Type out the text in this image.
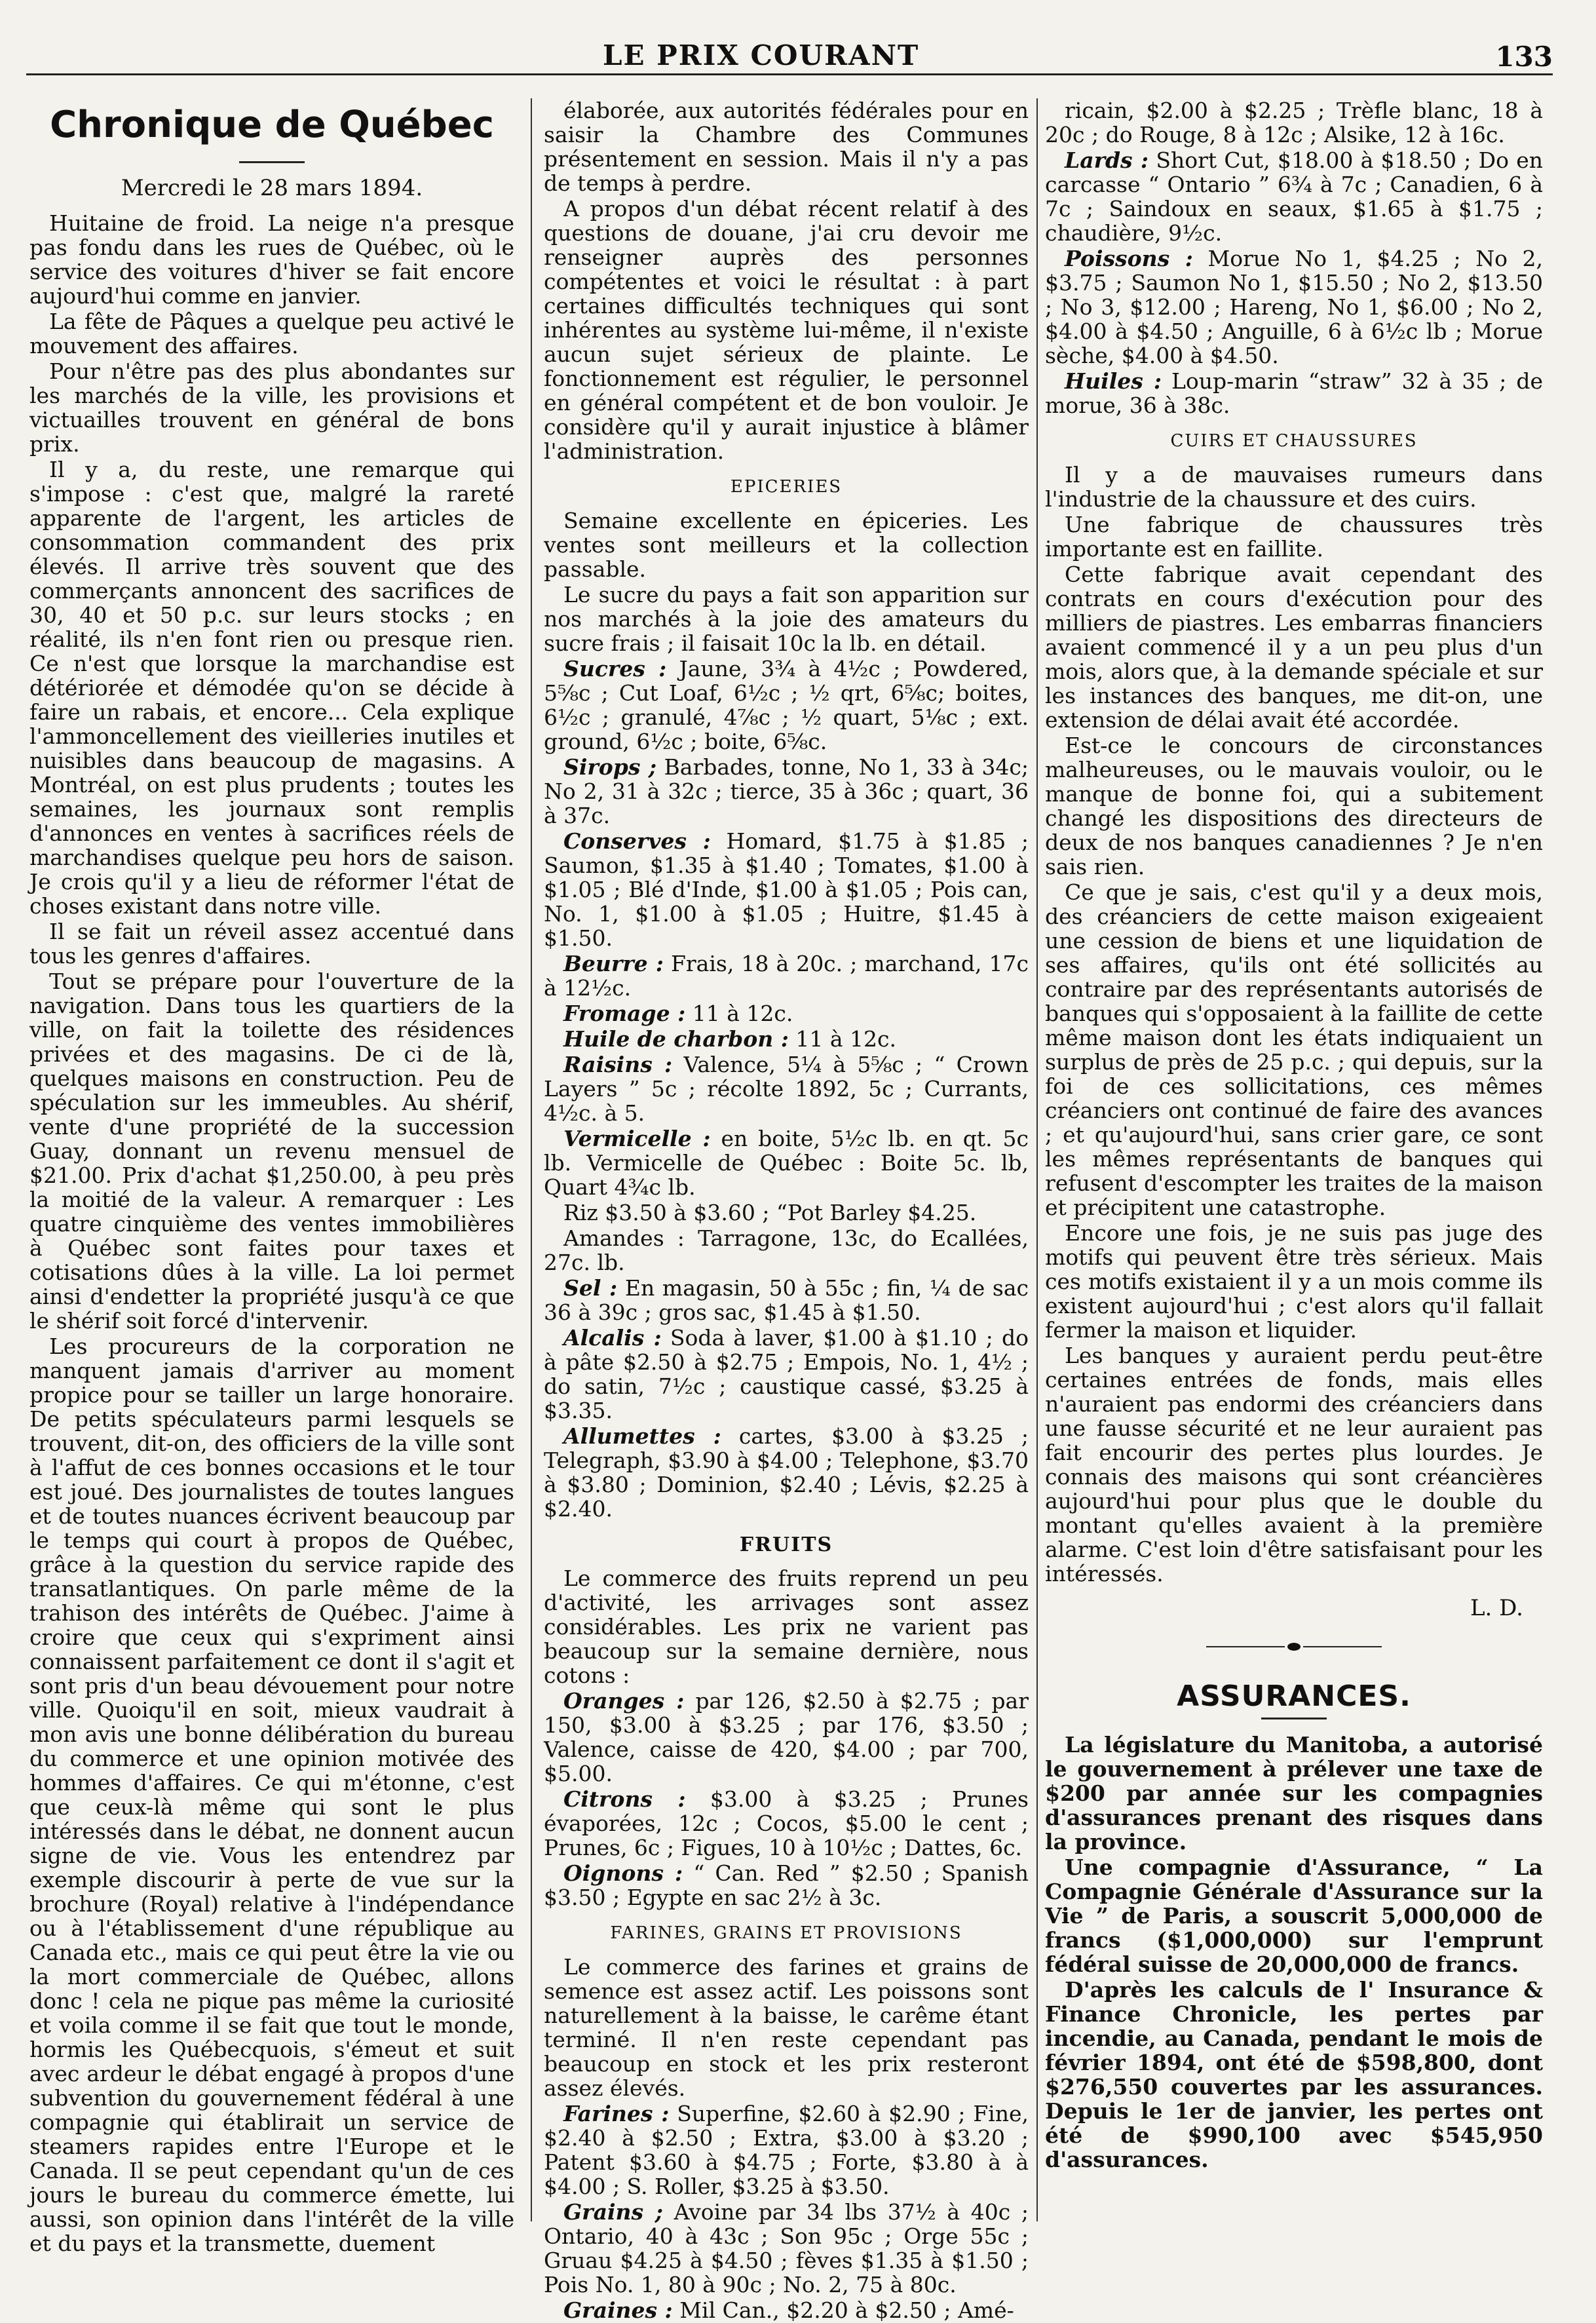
LE PRIX COURANT	133
Chronique de Québec
Mercredi le 28 mars 1894.

Huitaine de froid. La neige n'a presque pas fondu dans les rues de Québec, où le service des voitures d'hiver se fait encore aujourd'hui comme en janvier.

La fête de Pâques a quelque peu activé le mouvement des affaires.

Pour n'être pas des plus abondantes sur les marchés de la ville, les provisions et victuailles trouvent en général de bons prix.

Il y a, du reste, une remarque qui s'impose : c'est que, malgré la rareté apparente de l'argent, les articles de consommation commandent des prix élevés. Il arrive très souvent que des commerçants annoncent des sacrifices de 30, 40 et 50 p.c. sur leurs stocks ; en réalité, ils n'en font rien ou presque rien. Ce n'est que lorsque la marchandise est détériorée et démodée qu'on se décide à faire un rabais, et encore... Cela explique l'ammoncellement des vieilleries inutiles et nuisibles dans beaucoup de magasins. A Montréal, on est plus prudents ; toutes les semaines, les journaux sont remplis d'annonces en ventes à sacrifices réels de marchandises quelque peu hors de saison. Je crois qu'il y a lieu de réformer l'état de choses existant dans notre ville.

Il se fait un réveil assez accentué dans tous les genres d'affaires.

Tout se prépare pour l'ouverture de la navigation. Dans tous les quartiers de la ville, on fait la toilette des résidences privées et des magasins. De ci de là, quelques maisons en construction. Peu de spéculation sur les immeubles. Au shérif, vente d'une propriété de la succession Guay, donnant un revenu mensuel de $21.00. Prix d'achat $1,250.00, à peu près la moitié de la valeur. A remarquer : Les quatre cinquième des ventes immobilières à Québec sont faites pour taxes et cotisations dûes à la ville. La loi permet ainsi d'endetter la propriété jusqu'à ce que le shérif soit forcé d'intervenir.

Les procureurs de la corporation ne manquent jamais d'arriver au moment propice pour se tailler un large honoraire. De petits spéculateurs parmi lesquels se trouvent, dit-on, des officiers de la ville sont à l'affut de ces bonnes occasions et le tour est joué. Des journalistes de toutes langues et de toutes nuances écrivent beaucoup par le temps qui court à propos de Québec, grâce à la question du service rapide des transatlantiques. On parle même de la trahison des intérêts de Québec. J'aime à croire que ceux qui s'expriment ainsi connaissent parfaitement ce dont il s'agit et sont pris d'un beau dévouement pour notre ville. Quoiqu'il en soit, mieux vaudrait à mon avis une bonne délibération du bureau du commerce et une opinion motivée des hommes d'affaires. Ce qui m'étonne, c'est que ceux-là même qui sont le plus intéressés dans le débat, ne donnent aucun signe de vie. Vous les entendrez par exemple discourir à perte de vue sur la brochure (Royal) relative à l'indépendance ou à l'établissement d'une république au Canada etc., mais ce qui peut être la vie ou la mort commerciale de Québec, allons donc ! cela ne pique pas même la curiosité et voila comme il se fait que tout le monde, hormis les Québecquois, s'émeut et suit avec ardeur le débat engagé à propos d'une subvention du gouvernement fédéral à une compagnie qui établirait un service de steamers rapides entre l'Europe et le Canada. Il se peut cependant qu'un de ces jours le bureau du commerce émette, lui aussi, son opinion dans l'intérêt de la ville et du pays et la transmette, duement

élaborée, aux autorités fédérales pour en saisir la Chambre des Communes présentement en session. Mais il n'y a pas de temps à perdre.

A propos d'un débat récent relatif à des questions de douane, j'ai cru devoir me renseigner auprès des personnes compétentes et voici le résultat : à part certaines difficultés techniques qui sont inhérentes au système lui-même, il n'existe aucun sujet sérieux de plainte. Le fonctionnement est régulier, le personnel en général compétent et de bon vouloir. Je considère qu'il y aurait injustice à blâmer l'administration.

EPICERIES

Semaine excellente en épiceries. Les ventes sont meilleurs et la collection passable.

Le sucre du pays a fait son apparition sur nos marchés à la joie des amateurs du sucre frais ; il faisait 10c la lb. en détail.

Sucres : Jaune, 3¾ à 4½c ; Powdered, 5⅝c ; Cut Loaf, 6½c ; ½ qrt, 6⅝c; boites, 6½c ; granulé, 4⅞c ; ½ quart, 5⅛c ; ext. ground, 6½c ; boite, 6⅝c.

Sirops ; Barbades, tonne, No 1, 33 à 34c; No 2, 31 à 32c ; tierce, 35 à 36c ; quart, 36 à 37c.

Conserves : Homard, $1.75 à $1.85 ; Saumon, $1.35 à $1.40 ; Tomates, $1.00 à $1.05 ; Blé d'Inde, $1.00 à $1.05 ; Pois can, No. 1, $1.00 à $1.05 ; Huitre, $1.45 à $1.50.

Beurre : Frais, 18 à 20c. ; marchand, 17c à 12½c.

Fromage : 11 à 12c.

Huile de charbon : 11 à 12c.

Raisins : Valence, 5¼ à 5⅝c ; “ Crown Layers ” 5c ; récolte 1892, 5c ; Currants, 4½c. à 5.

Vermicelle : en boite, 5½c lb. en qt. 5c lb. Vermicelle de Québec : Boite 5c. lb, Quart 4¾c lb.

Riz $3.50 à $3.60 ; “Pot Barley $4.25.

Amandes : Tarragone, 13c, do Ecallées, 27c. lb.

Sel : En magasin, 50 à 55c ; fin, ¼ de sac 36 à 39c ; gros sac, $1.45 à $1.50.

Alcalis : Soda à laver, $1.00 à $1.10 ; do à pâte $2.50 à $2.75 ; Empois, No. 1, 4½ ; do satin, 7½c ; caustique cassé, $3.25 à $3.35.

Allumettes : cartes, $3.00 à $3.25 ; Telegraph, $3.90 à $4.00 ; Telephone, $3.70 à $3.80 ; Dominion, $2.40 ; Lévis, $2.25 à $2.40.

FRUITS

Le commerce des fruits reprend un peu d'activité, les arrivages sont assez considérables. Les prix ne varient pas beaucoup sur la semaine dernière, nous cotons :

Oranges : par 126, $2.50 à $2.75 ; par 150, $3.00 à $3.25 ; par 176, $3.50 ; Valence, caisse de 420, $4.00 ; par 700, $5.00.

Citrons : $3.00 à $3.25 ; Prunes évaporées, 12c ; Cocos, $5.00 le cent ; Prunes, 6c ; Figues, 10 à 10½c ; Dattes, 6c.

Oignons : “ Can. Red ” $2.50 ; Spanish $3.50 ; Egypte en sac 2½ à 3c.

FARINES, GRAINS ET PROVISIONS

Le commerce des farines et grains de semence est assez actif. Les poissons sont naturellement à la baisse, le carême étant terminé. Il n'en reste cependant pas beaucoup en stock et les prix resteront assez élevés.

Farines : Superfine, $2.60 à $2.90 ; Fine, $2.40 à $2.50 ; Extra, $3.00 à $3.20 ; Patent $3.60 à $4.75 ; Forte, $3.80 à à $4.00 ; S. Roller, $3.25 à $3.50.

Grains ; Avoine par 34 lbs 37½ à 40c ; Ontario, 40 à 43c ; Son 95c ; Orge 55c ; Gruau $4.25 à $4.50 ; fèves $1.35 à $1.50 ; Pois No. 1, 80 à 90c ; No. 2, 75 à 80c.

Graines : Mil Can., $2.20 à $2.50 ; Amé-

ricain, $2.00 à $2.25 ; Trèfle blanc, 18 à 20c ; do Rouge, 8 à 12c ; Alsike, 12 à 16c.

Lards : Short Cut, $18.00 à $18.50 ; Do en carcasse “ Ontario ” 6¾ à 7c ; Canadien, 6 à 7c ; Saindoux en seaux, $1.65 à $1.75 ; chaudière, 9½c.

Poissons : Morue No 1, $4.25 ; No 2, $3.75 ; Saumon No 1, $15.50 ; No 2, $13.50 ; No 3, $12.00 ; Hareng, No 1, $6.00 ; No 2, $4.00 à $4.50 ; Anguille, 6 à 6½c lb ; Morue sèche, $4.00 à $4.50.

Huiles : Loup-marin “straw” 32 à 35 ; de morue, 36 à 38c.

CUIRS ET CHAUSSURES

Il y a de mauvaises rumeurs dans l'industrie de la chaussure et des cuirs.

Une fabrique de chaussures très importante est en faillite.

Cette fabrique avait cependant des contrats en cours d'exécution pour des milliers de piastres. Les embarras financiers avaient commencé il y a un peu plus d'un mois, alors que, à la demande spéciale et sur les instances des banques, me dit-on, une extension de délai avait été accordée.

Est-ce le concours de circonstances malheureuses, ou le mauvais vouloir, ou le manque de bonne foi, qui a subitement changé les dispositions des directeurs de deux de nos banques canadiennes ? Je n'en sais rien.

Ce que je sais, c'est qu'il y a deux mois, des créanciers de cette maison exigeaient une cession de biens et une liquidation de ses affaires, qu'ils ont été sollicités au contraire par des représentants autorisés de banques qui s'opposaient à la faillite de cette même maison dont les états indiquaient un surplus de près de 25 p.c. ; qui depuis, sur la foi de ces sollicitations, ces mêmes créanciers ont continué de faire des avances ; et qu'aujourd'hui, sans crier gare, ce sont les mêmes représentants de banques qui refusent d'escompter les traites de la maison et précipitent une catastrophe.

Encore une fois, je ne suis pas juge des motifs qui peuvent être très sérieux. Mais ces motifs existaient il y a un mois comme ils existent aujourd'hui ; c'est alors qu'il fallait fermer la maison et liquider.

Les banques y auraient perdu peut-être certaines entrées de fonds, mais elles n'auraient pas endormi des créanciers dans une fausse sécurité et ne leur auraient pas fait encourir des pertes plus lourdes. Je connais des maisons qui sont créancières aujourd'hui pour plus que le double du montant qu'elles avaient à la première alarme. C'est loin d'être satisfaisant pour les intéressés.

L. D.
ASSURANCES.

La législature du Manitoba, a autorisé le gouvernement à prélever une taxe de $200 par année sur les compagnies d'assurances prenant des risques dans la province.

Une compagnie d'Assurance, “ La Compagnie Générale d'Assurance sur la Vie ” de Paris, a souscrit 5,000,000 de francs ($1,000,000) sur l'emprunt fédéral suisse de 20,000,000 de francs.

D'après les calculs de l' Insurance & Finance Chronicle, les pertes par incendie, au Canada, pendant le mois de février 1894, ont été de $598,800, dont $276,550 couvertes par les assurances. Depuis le 1er de janvier, les pertes ont été de $990,100 avec $545,950 d'assurances.
